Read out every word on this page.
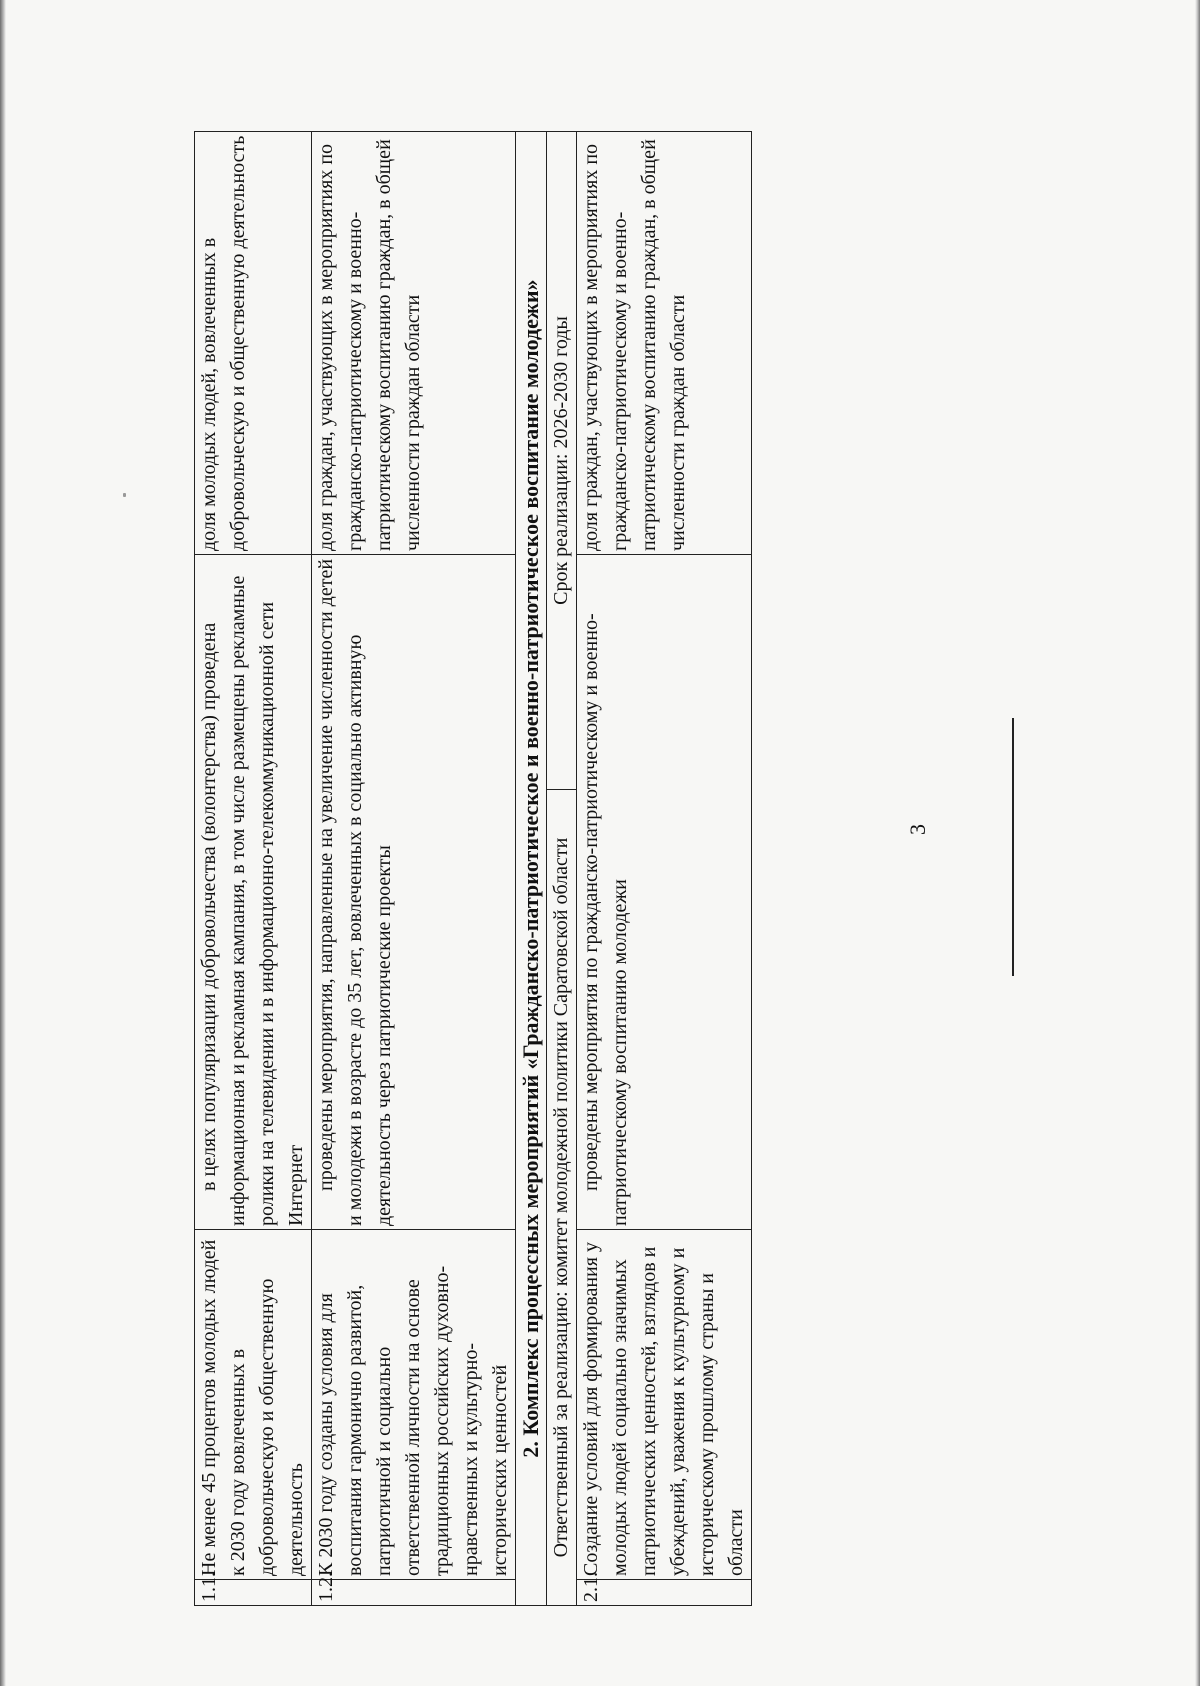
3
1.1.	Не менее 45 процентов молодых людей к 2030 году вовлеченных в добровольческую и общественную деятельность	в целях популяризации добровольчества (волонтерства) проведена информационная и рекламная кампания, в том числе размещены рекламные ролики на телевидении и в информационно-телекоммуникационной сети Интернет		доля молодых людей, вовлеченных в добровольческую и общественную деятельность
1.2.	К 2030 году созданы условия для воспитания гармонично развитой, патриотичной и социально ответственной личности на основе традиционных российских духовно-нравственных и культурно-исторических ценностей	проведены мероприятия, направленные на увеличение численности детей и молодежи в возрасте до 35 лет, вовлеченных в социально активную деятельность через патриотические проекты		доля граждан, участвующих в мероприятиях по гражданско-патриотическому и военно-патриотическому воспитанию граждан, в общей численности граждан области
2. Комплекс процессных мероприятий «Гражданско-патриотическое и военно-патриотическое воспитание молодежи»				
Ответственный за реализацию: комитет молодежной политики Саратовской области			Срок реализации: 2026-2030 годы	
2.1.	Создание условий для формирования у молодых людей социально значимых патриотических ценностей, взглядов и убеждений, уважения к культурному и историческому прошлому страны и области	проведены мероприятия по гражданско-патриотическому и военно-патриотическому воспитанию молодежи		доля граждан, участвующих в мероприятиях по гражданско-патриотическому и военно-патриотическому воспитанию граждан, в общей численности граждан области
